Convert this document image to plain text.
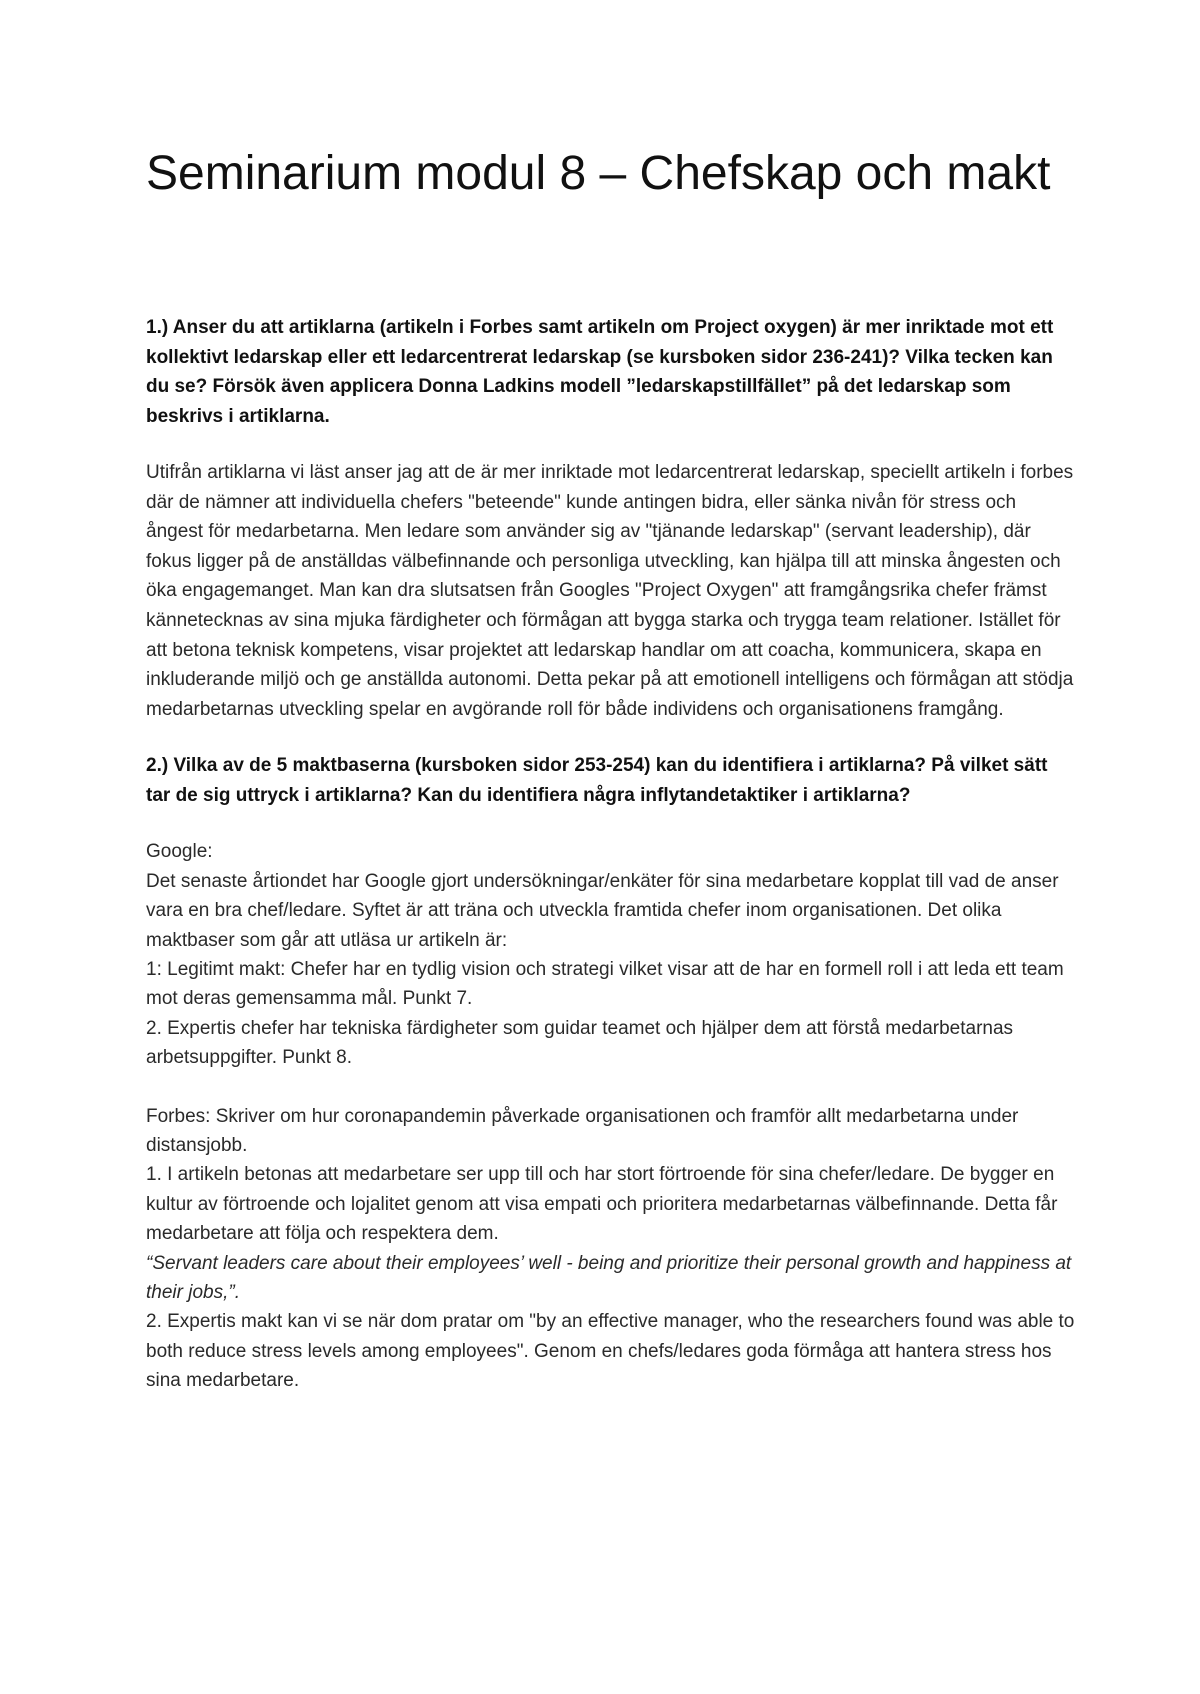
Seminarium modul 8 – Chefskap och makt

1.) Anser du att artiklarna (artikeln i Forbes samt artikeln om Project oxygen) är mer inriktade mot ett kollektivt ledarskap eller ett ledarcentrerat ledarskap (se kursboken sidor 236-241)? Vilka tecken kan du se? Försök även applicera Donna Ladkins modell ”ledarskapstillfället” på det ledarskap som beskrivs i artiklarna.

Utifrån artiklarna vi läst anser jag att de är mer inriktade mot ledarcentrerat ledarskap, speciellt artikeln i forbes där de nämner att individuella chefers "beteende" kunde antingen bidra, eller sänka nivån för stress och ångest för medarbetarna. Men ledare som använder sig av "tjänande ledarskap" (servant leadership), där fokus ligger på de anställdas välbefinnande och personliga utveckling, kan hjälpa till att minska ångesten och öka engagemanget. Man kan dra slutsatsen från Googles "Project Oxygen" att framgångsrika chefer främst kännetecknas av sina mjuka färdigheter och förmågan att bygga starka och trygga team relationer. Istället för att betona teknisk kompetens, visar projektet att ledarskap handlar om att coacha, kommunicera, skapa en inkluderande miljö och ge anställda autonomi. Detta pekar på att emotionell intelligens och förmågan att stödja medarbetarnas utveckling spelar en avgörande roll för både individens och organisationens framgång.

2.) Vilka av de 5 maktbaserna (kursboken sidor 253-254) kan du identifiera i artiklarna? På vilket sätt tar de sig uttryck i artiklarna? Kan du identifiera några inflytandetaktiker i artiklarna?

Google:

Det senaste årtiondet har Google gjort undersökningar/enkäter för sina medarbetare kopplat till vad de anser vara en bra chef/ledare. Syftet är att träna och utveckla framtida chefer inom organisationen. Det olika maktbaser som går att utläsa ur artikeln är:

1: Legitimt makt: Chefer har en tydlig vision och strategi vilket visar att de har en formell roll i att leda ett team mot deras gemensamma mål. Punkt 7.

2. Expertis chefer har tekniska färdigheter som guidar teamet och hjälper dem att förstå medarbetarnas arbetsuppgifter. Punkt 8.

Forbes: Skriver om hur coronapandemin påverkade organisationen och framför allt medarbetarna under distansjobb.

1. I artikeln betonas att medarbetare ser upp till och har stort förtroende för sina chefer/ledare. De bygger en kultur av förtroende och lojalitet genom att visa empati och prioritera medarbetarnas välbefinnande. Detta får medarbetare att följa och respektera dem.

“Servant leaders care about their employees’ well - being and prioritize their personal growth and happiness at their jobs,”.

2. Expertis makt kan vi se när dom pratar om "by an effective manager, who the researchers found was able to both reduce stress levels among employees". Genom en chefs/ledares goda förmåga att hantera stress hos sina medarbetare.
